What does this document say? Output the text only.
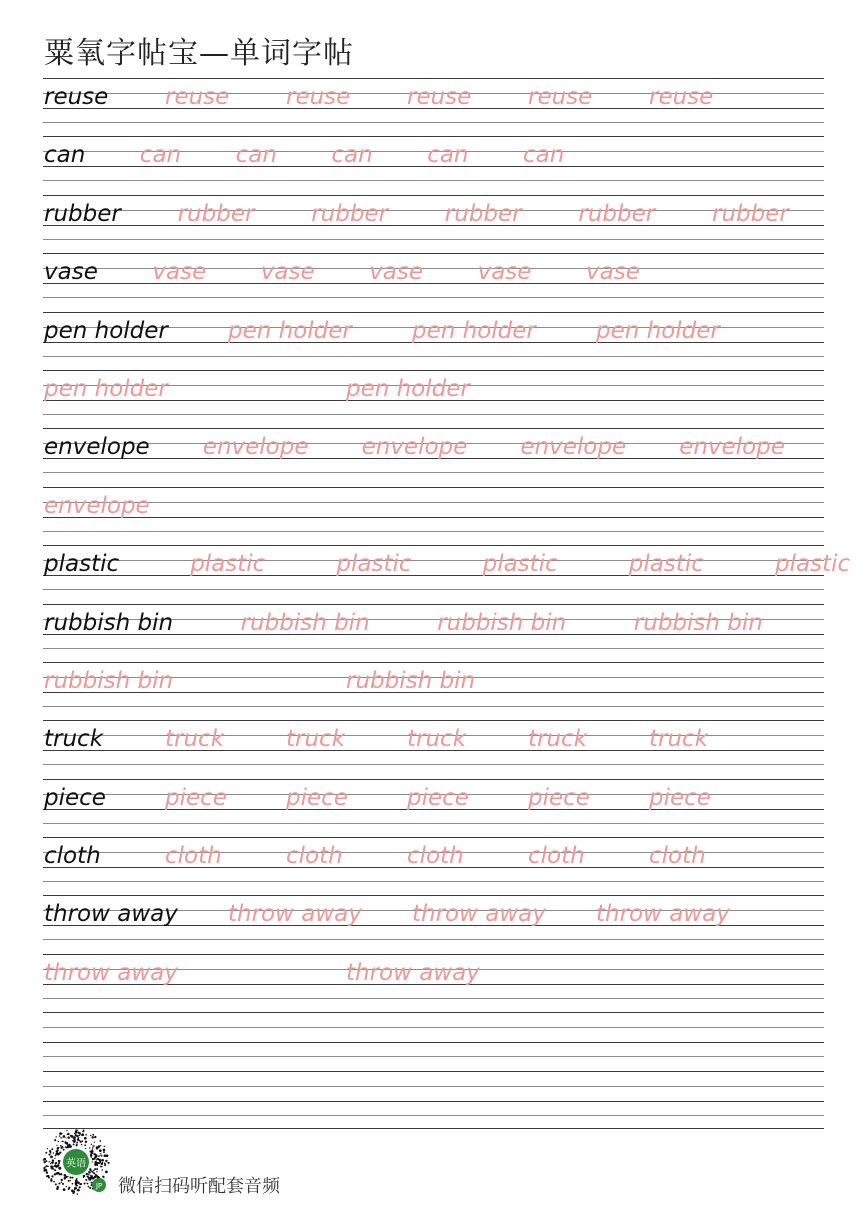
粟氧字帖宝—单词字帖
reuse reuse reuse reuse reuse reuse
can can can can can can
rubber rubber rubber rubber rubber rubber
vase vase vase vase vase vase
pen holder	pen holder	pen holder	pen holder
pen holder	pen holder
envelope envelope envelope envelope envelope
envelope
plastic	plastic	plastic	plastic	plastic	plastic
rubbish bin	rubbish bin	rubbish bin	rubbish bin
rubbish bin	rubbish bin
truck	truck	truck	truck	truck	truck
piece	piece	piece	piece	piece	piece
cloth	cloth	cloth	cloth	cloth	cloth
throw away throw away throw away throw away
throw away	throw away
英语
JP 微信扫码听配套音频
